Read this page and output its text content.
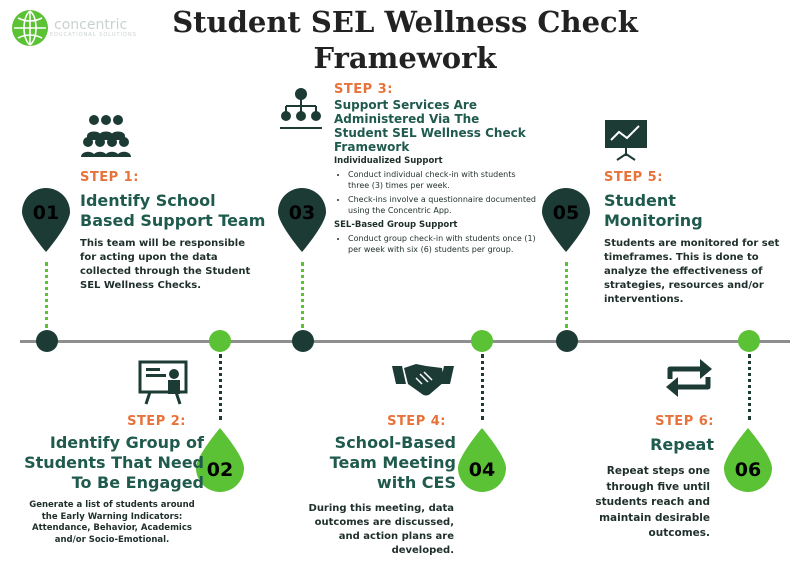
concentric
EDUCATIONAL SOLUTIONS	Student SEL Wellness Check
Framework
01	03	05
02	04	06
STEP 1:
Identify School
Based Support Team
This team will be responsible for acting upon the data collected through the Student SEL Wellness Checks.
STEP 3:
Support Services Are
Administered Via The
Student SEL Wellness Check
Framework
Individualized Support
• Conduct individual check-in with students three (3) times per week.
• Check-ins involve a questionnaire documented using the Concentric App.
SEL-Based Group Support
• Conduct group check-in with students once (1) per week with six (6) students per group.
STEP 5:
Student
Monitoring
Students are monitored for set timeframes. This is done to analyze the effectiveness of strategies, resources and/or interventions.
STEP 2:
Identify Group of
Students That Need
To Be Engaged
Generate a list of students around the Early Warning Indicators: Attendance, Behavior, Academics and/or Socio-Emotional.
STEP 4:
School-Based
Team Meeting
with CES
During this meeting, data outcomes are discussed, and action plans are developed.
STEP 6:
Repeat
Repeat steps one through five until students reach and maintain desirable outcomes.
